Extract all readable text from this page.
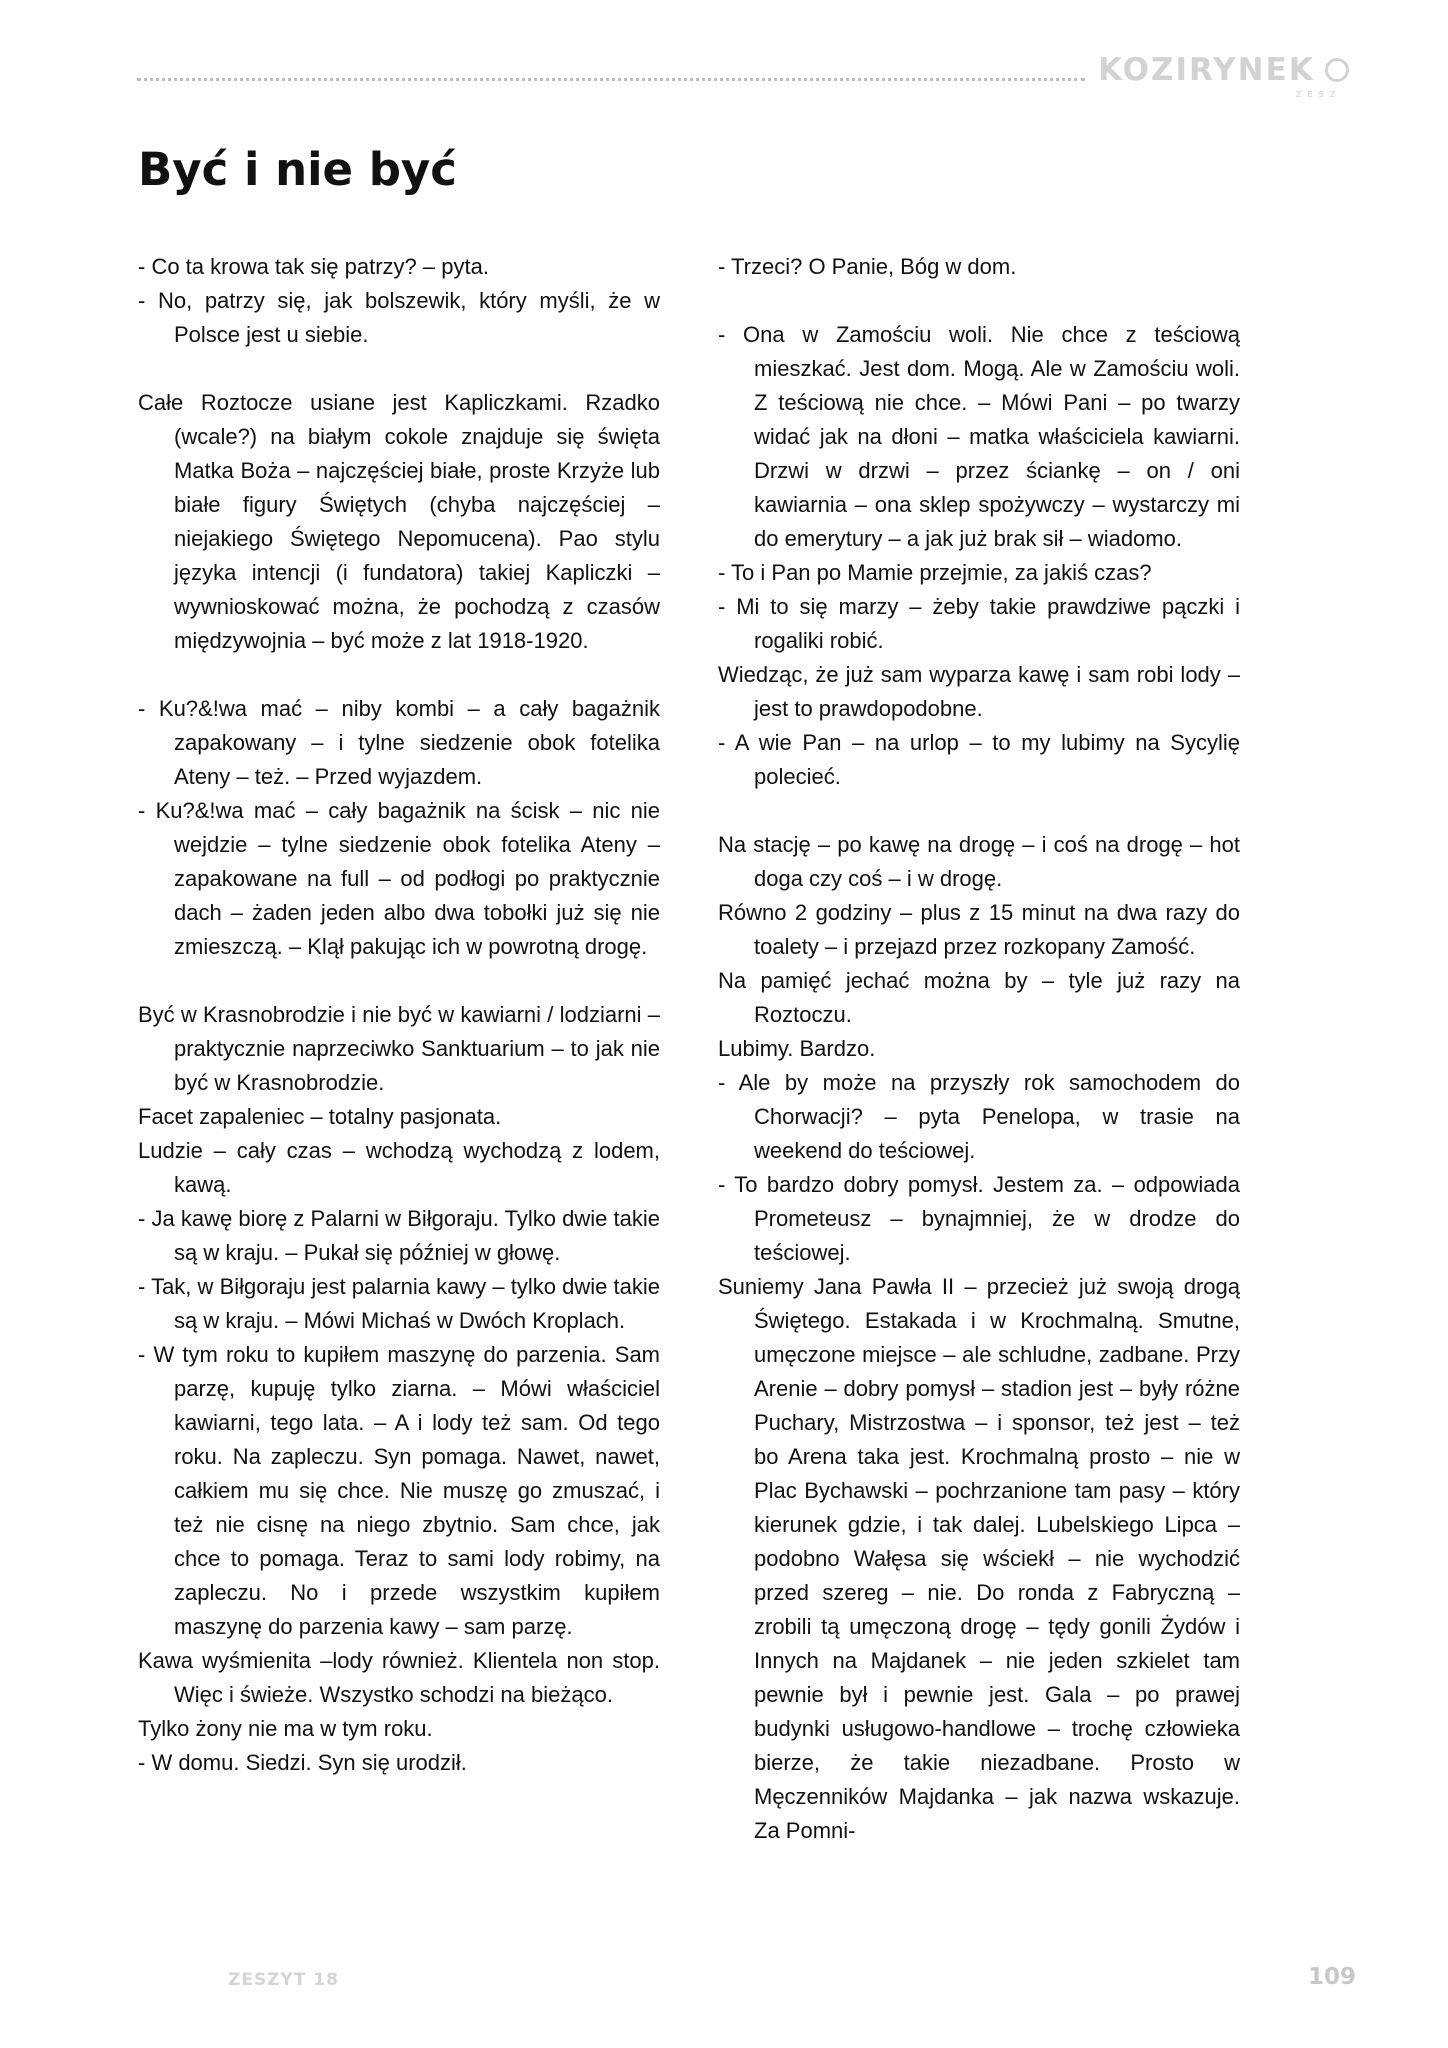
KOZIRYNEK
ZESZ
Być i nie być

- Co ta krowa tak się patrzy? – pyta.

- No, patrzy się, jak bolszewik, który myśli, że w Polsce jest u siebie.

Całe Roztocze usiane jest Kapliczkami. Rzadko (wcale?) na białym cokole znajduje się święta Matka Boża – najczęściej białe, proste Krzyże lub białe figury Świętych (chyba najczęściej – niejakiego Świętego Nepomucena). Pao stylu języka intencji (i fundatora) takiej Kapliczki – wywnioskować można, że pochodzą z czasów międzywojnia – być może z lat 1918-1920.

- Ku?&!wa mać – niby kombi – a cały bagażnik zapakowany – i tylne siedzenie obok fotelika Ateny – też. – Przed wyjazdem.

- Ku?&!wa mać – cały bagażnik na ścisk – nic nie wejdzie – tylne siedzenie obok fotelika Ateny – zapakowane na full – od podłogi po praktycznie dach – żaden jeden albo dwa tobołki już się nie zmieszczą. – Klął pakując ich w powrotną drogę.

Być w Krasnobrodzie i nie być w kawiarni / lodziarni – praktycznie naprzeciwko Sanktuarium – to jak nie być w Krasnobrodzie.

Facet zapaleniec – totalny pasjonata.

Ludzie – cały czas – wchodzą wychodzą z lodem, kawą.

- Ja kawę biorę z Palarni w Biłgoraju. Tylko dwie takie są w kraju. – Pukał się później w głowę.

- Tak, w Biłgoraju jest palarnia kawy – tylko dwie takie są w kraju. – Mówi Michaś w Dwóch Kroplach.

- W tym roku to kupiłem maszynę do parzenia. Sam parzę, kupuję tylko ziarna. – Mówi właściciel kawiarni, tego lata. – A i lody też sam. Od tego roku. Na zapleczu. Syn pomaga. Nawet, nawet, całkiem mu się chce. Nie muszę go zmuszać, i też nie cisnę na niego zbytnio. Sam chce, jak chce to pomaga. Teraz to sami lody robimy, na zapleczu. No i przede wszystkim kupiłem maszynę do parzenia kawy – sam parzę.

Kawa wyśmienita –lody również. Klientela non stop. Więc i świeże. Wszystko schodzi na bieżąco.

Tylko żony nie ma w tym roku.

- W domu. Siedzi. Syn się urodził.

- Trzeci? O Panie, Bóg w dom.

- Ona w Zamościu woli. Nie chce z teściową mieszkać. Jest dom. Mogą. Ale w Zamościu woli. Z teściową nie chce. – Mówi Pani – po twarzy widać jak na dłoni – matka właściciela kawiarni. Drzwi w drzwi – przez ściankę – on / oni kawiarnia – ona sklep spożywczy – wystarczy mi do emerytury – a jak już brak sił – wiadomo.

- To i Pan po Mamie przejmie, za jakiś czas?

- Mi to się marzy – żeby takie prawdziwe pączki i rogaliki robić.

Wiedząc, że już sam wyparza kawę i sam robi lody – jest to prawdopodobne.

- A wie Pan – na urlop – to my lubimy na Sycylię polecieć.

Na stację – po kawę na drogę – i coś na drogę – hot doga czy coś – i w drogę.

Równo 2 godziny – plus z 15 minut na dwa razy do toalety – i przejazd przez rozkopany Zamość.

Na pamięć jechać można by – tyle już razy na Roztoczu.

Lubimy. Bardzo.

- Ale by może na przyszły rok samochodem do Chorwacji? – pyta Penelopa, w trasie na weekend do teściowej.

- To bardzo dobry pomysł. Jestem za. – odpowiada Prometeusz – bynajmniej, że w drodze do teściowej.

Suniemy Jana Pawła II – przecież już swoją drogą Świętego. Estakada i w Krochmalną. Smutne, umęczone miejsce – ale schludne, zadbane. Przy Arenie – dobry pomysł – stadion jest – były różne Puchary, Mistrzostwa – i sponsor, też jest – też bo Arena taka jest. Krochmalną prosto – nie w Plac Bychawski – pochrzanione tam pasy – który kierunek gdzie, i tak dalej. Lubelskiego Lipca – podobno Wałęsa się wściekł – nie wychodzić przed szereg – nie. Do ronda z Fabryczną – zrobili tą umęczoną drogę – tędy gonili Żydów i Innych na Majdanek – nie jeden szkielet tam pewnie był i pewnie jest. Gala – po prawej budynki usługowo-handlowe – trochę człowieka bierze, że takie niezadbane. Prosto w Męczenników Majdanka – jak nazwa wskazuje. Za Pomni-

ZESZYT 18	109
